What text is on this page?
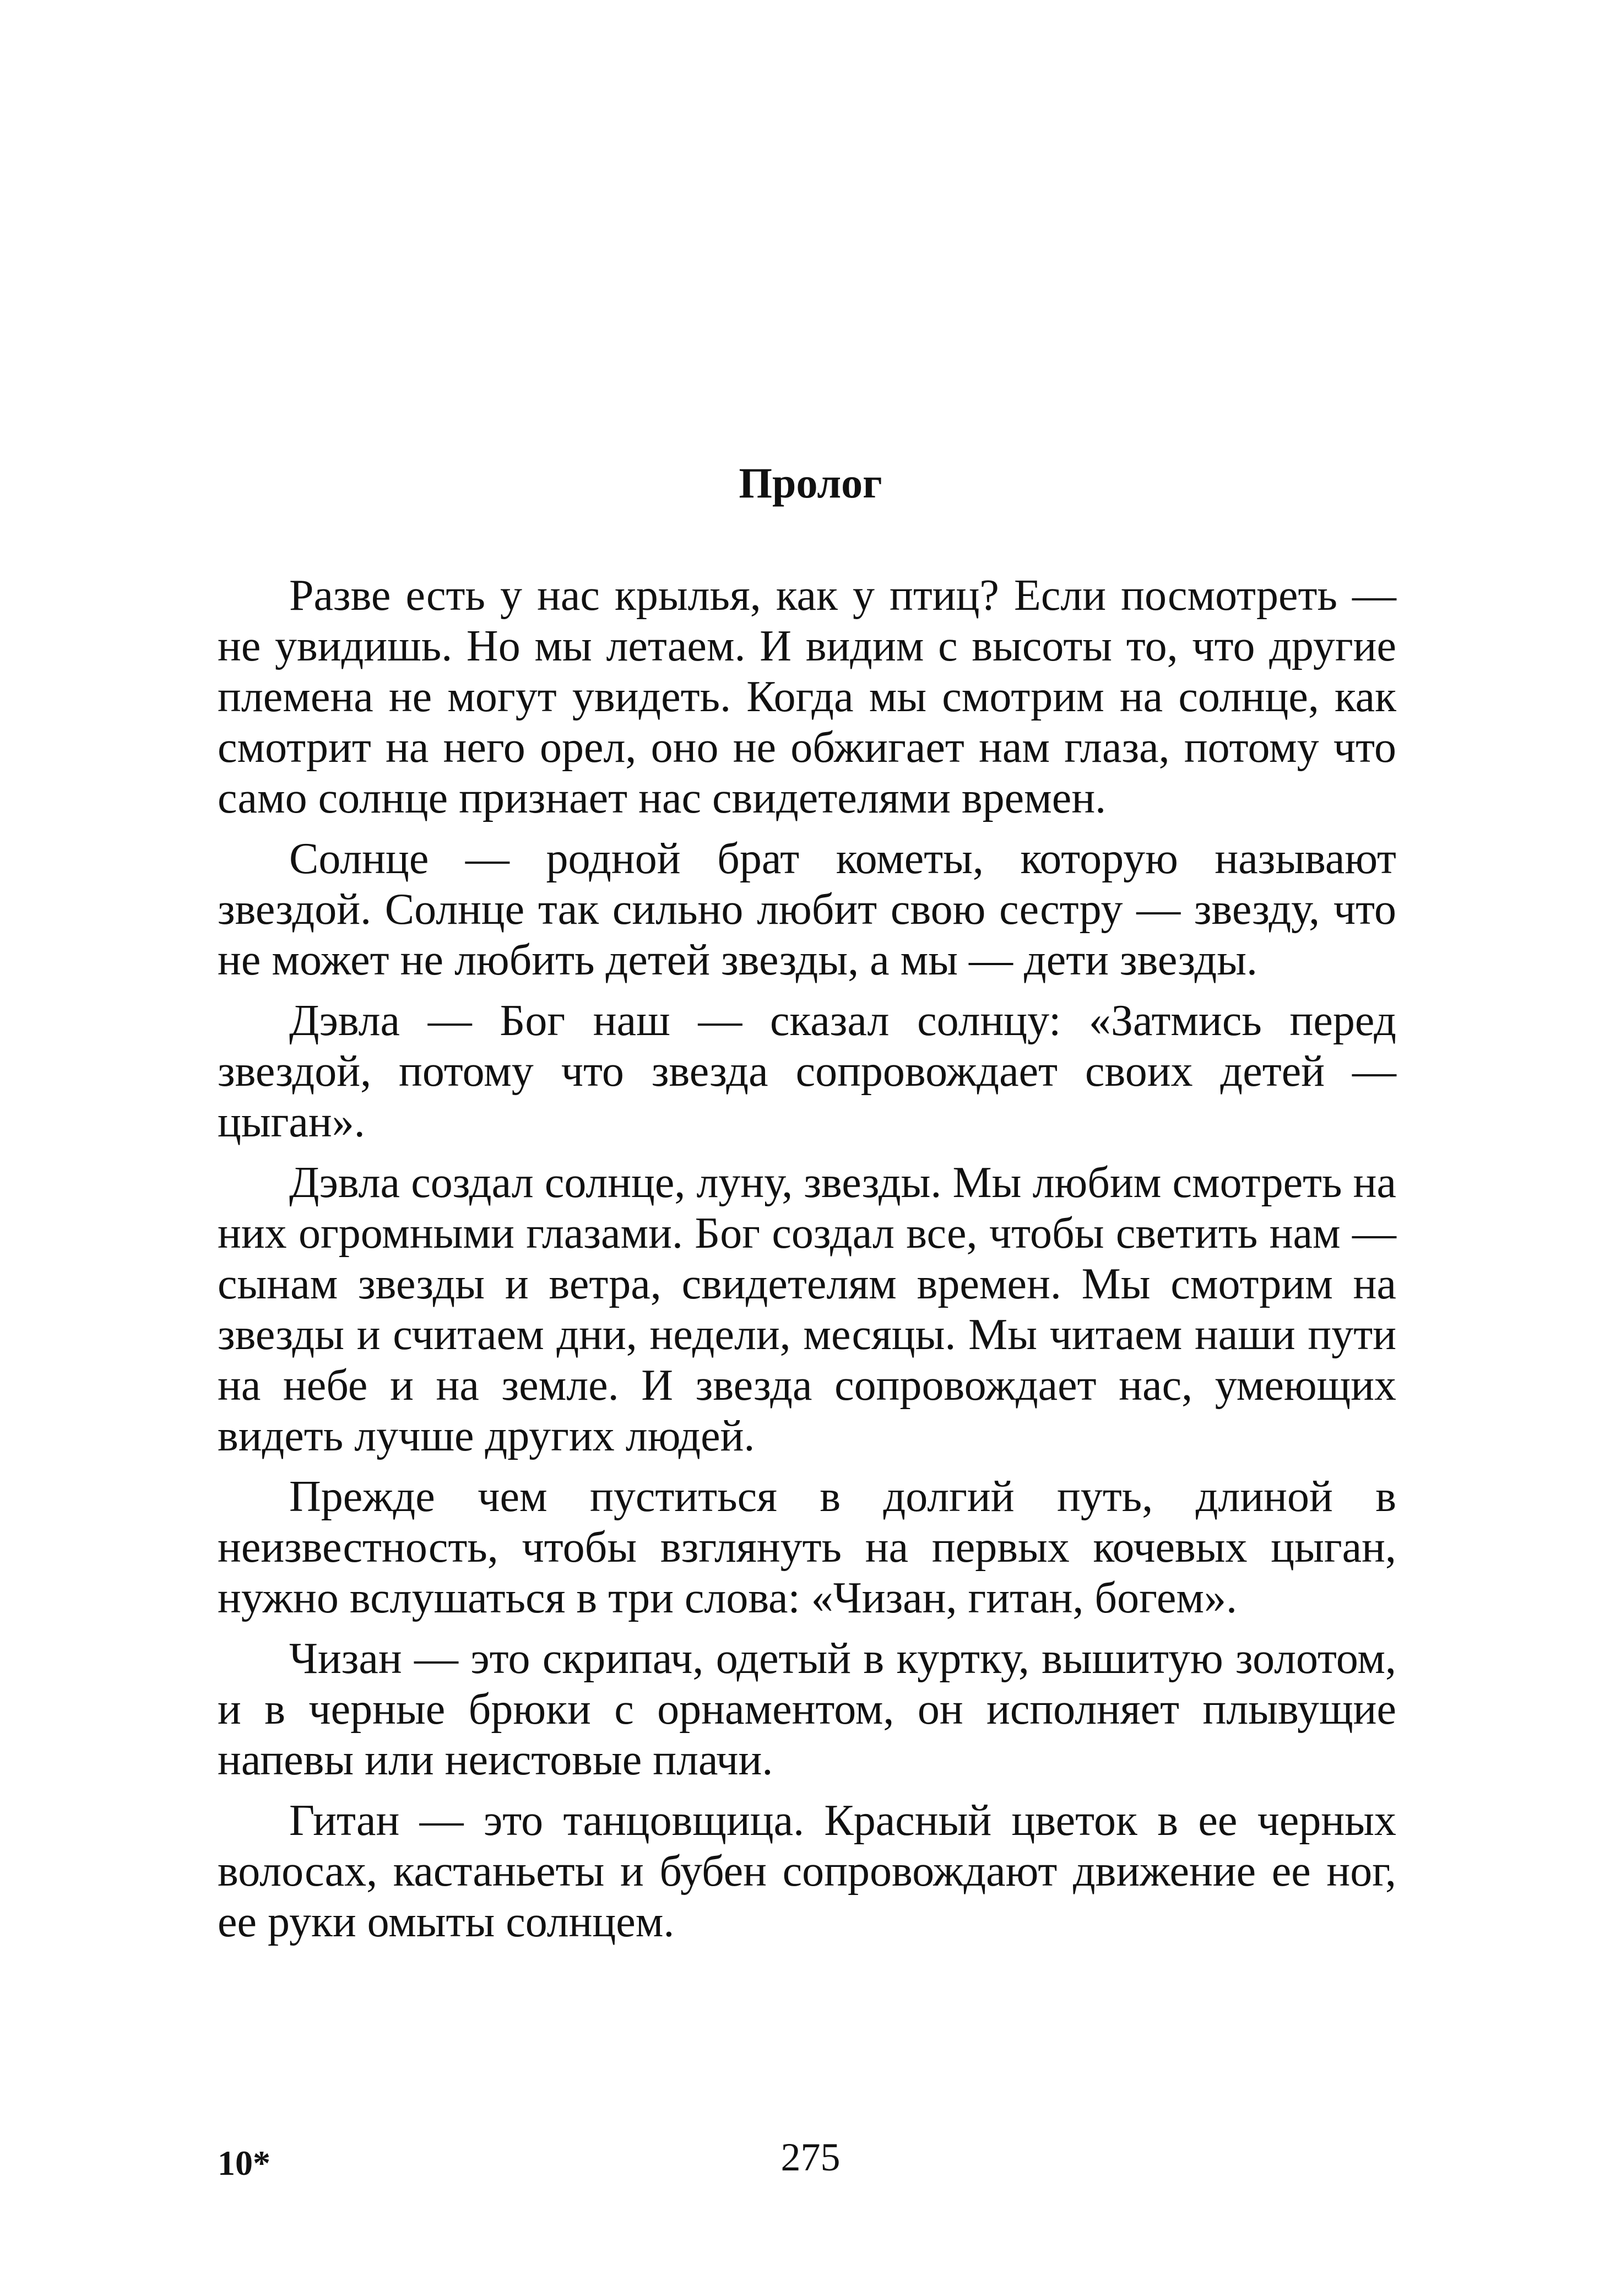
Пролог

Разве есть у нас крылья, как у птиц? Если посмотреть — не увидишь. Но мы летаем. И видим с высоты то, что другие племена не могут увидеть. Когда мы смотрим на солнце, как смотрит на него орел, оно не обжигает нам глаза, потому что само солнце признает нас свидетелями времен.

Солнце — родной брат кометы, которую называют звездой. Солнце так сильно любит свою сестру — звезду, что не может не любить детей звезды, а мы — дети звезды.

Дэвла — Бог наш — сказал солнцу: «Затмись перед звездой, потому что звезда сопровождает своих детей — цыган».

Дэвла создал солнце, луну, звезды. Мы любим смотреть на них огромными глазами. Бог создал все, чтобы светить нам — сынам звезды и ветра, свидетелям времен. Мы смотрим на звезды и считаем дни, недели, месяцы. Мы читаем наши пути на небе и на земле. И звезда сопровождает нас, умеющих видеть лучше других людей.

Прежде чем пуститься в долгий путь, длиной в неизвестность, чтобы взглянуть на первых кочевых цыган, нужно вслушаться в три слова: «Чизан, гитан, богем».

Чизан — это скрипач, одетый в куртку, вышитую золотом, и в черные брюки с орнаментом, он исполняет плывущие напевы или неистовые плачи.

Гитан — это танцовщица. Красный цветок в ее черных волосах, кастаньеты и бубен сопровождают движение ее ног, ее руки омыты солнцем.

10*	275
